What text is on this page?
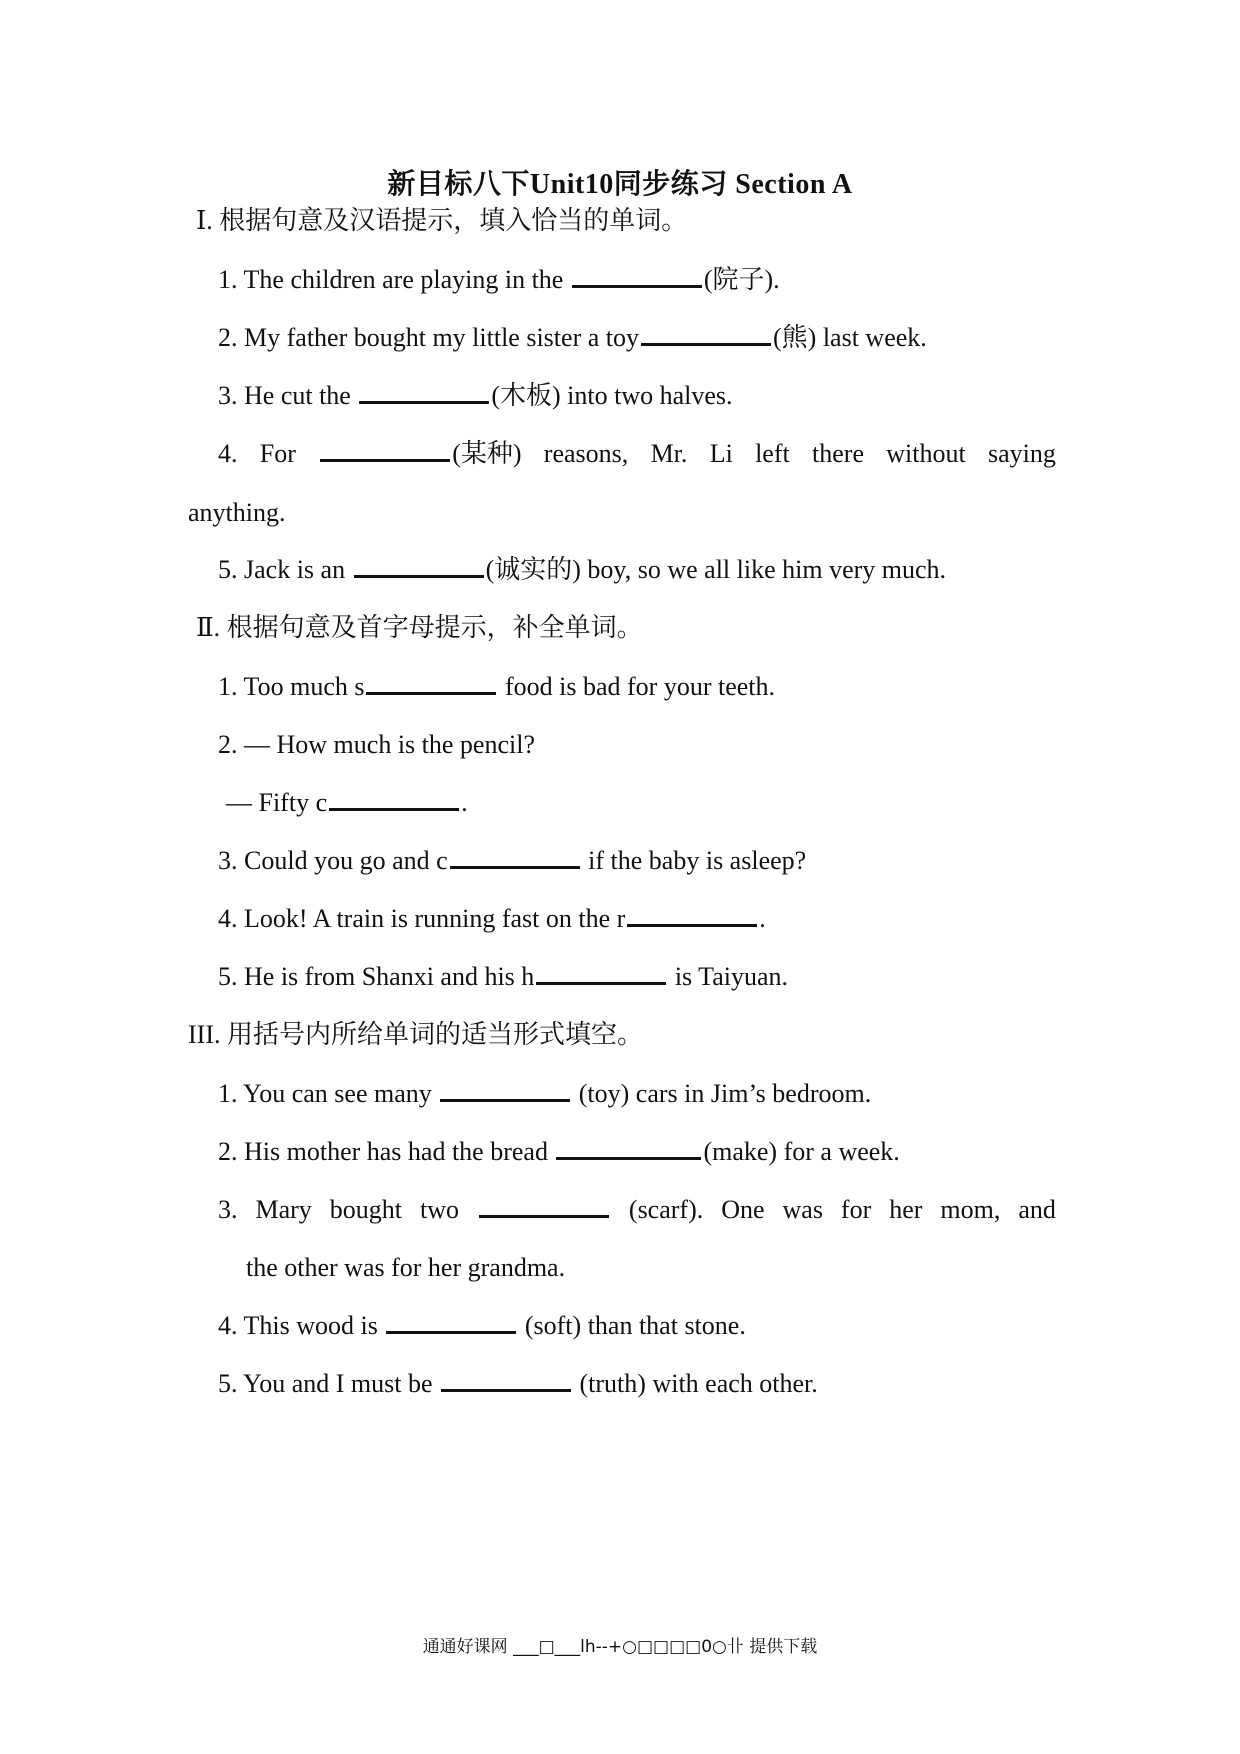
新目标八下Unit10同步练习 Section A
Ⅰ. 根据句意及汉语提示，填入恰当的单词。
1. The children are playing in the	(院子).
2. My father bought my little sister a toy	(熊) last week.
3. He cut the	(木板) into two halves.
4. For	(某种) reasons, Mr. Li left there without saying
anything.
5. Jack is an	(诚实的) boy, so we all like him very much.
Ⅱ. 根据句意及首字母提示，补全单词。
1. Too much s	food is bad for your teeth.
2. — How much is the pencil?
— Fifty c	.
3. Could you go and c	if the baby is asleep?
4. Look! A train is running fast on the r	.
5. He is from Shanxi and his h	is Taiyuan.
III. 用括号内所给单词的适当形式填空。
1. You can see many	(toy) cars in Jim’s bedroom.
2. His mother has had the bread	(make) for a week.
3. Mary bought two	(scarf). One was for her mom, and
the other was for her grandma.
4. This wood is	(soft) than that stone.
5. You and I must be	(truth) with each other.
通通好课网 ___□___lh--+○□□□□0○卝 提供下载
